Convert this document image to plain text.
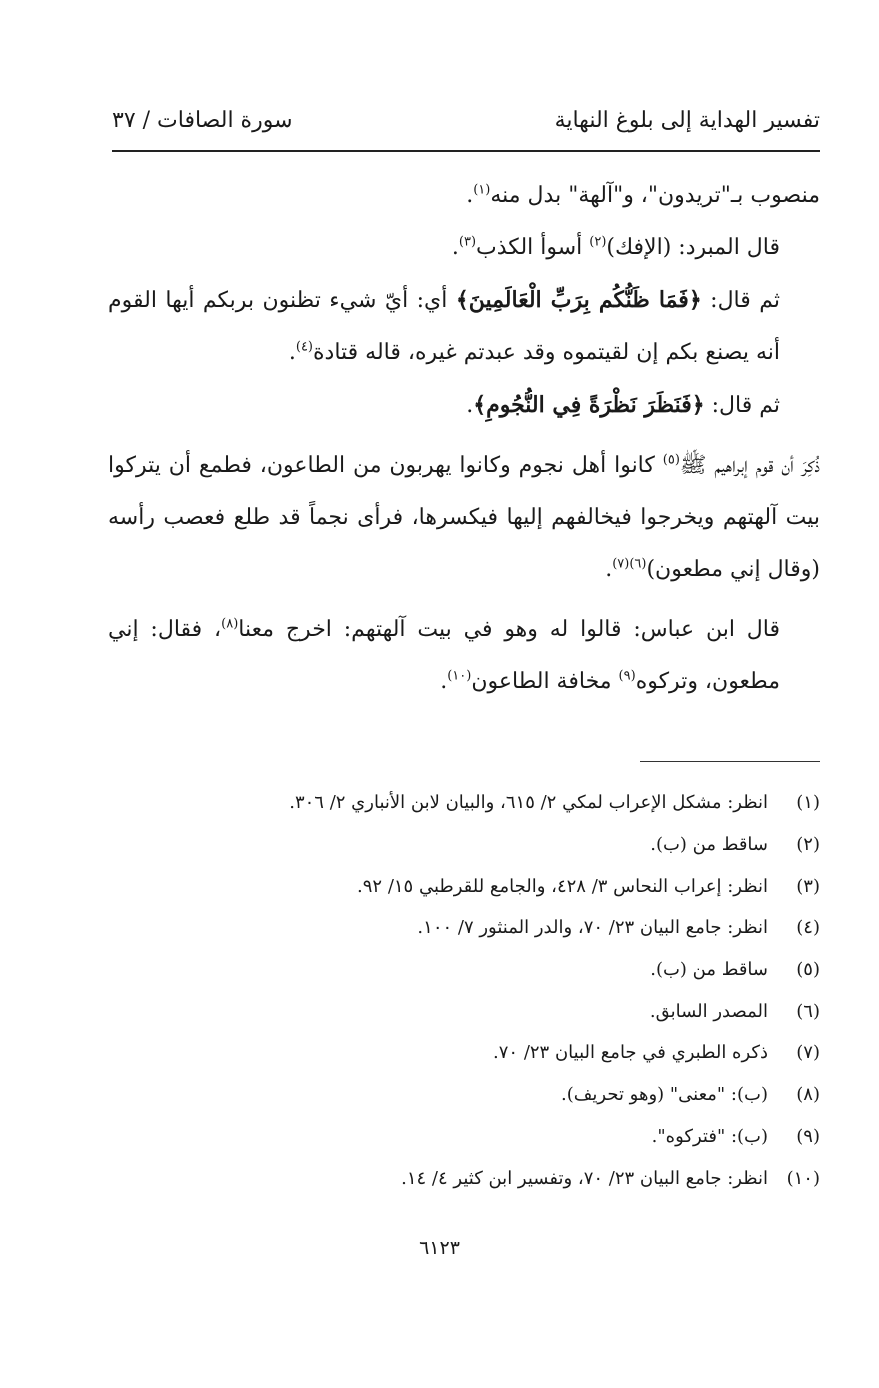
تفسير الهداية إلى بلوغ النهاية
سورة الصافات / ٣٧

منصوب بـ"تريدون"، و"آلهة" بدل منه$^{(١)}$.

قال المبرد: (الإفك)$^{(٢)}$ أسوأ الكذب$^{(٣)}$.

ثم قال: ﴿فَمَا ظَنُّكُم بِرَبِّ الْعَالَمِينَ﴾ أي: أيّ شيء تظنون بربكم أيها القوم أنه يصنع بكم إن لقيتموه وقد عبدتم غيره، قاله قتادة$^{(٤)}$.

ثم قال: ﴿فَنَظَرَ نَظْرَةً فِي النُّجُومِ﴾.

ذُكِرَ أن قوم إبراهيم ﷺ$^{(٥)}$ كانوا أهل نجوم وكانوا يهربون من الطاعون، فطمع أن يتركوا بيت آلهتهم ويخرجوا فيخالفهم إليها فيكسرها، فرأى نجماً قد طلع فعصب رأسه (وقال إني مطعون)$^{(٦)(٧)}$.

قال ابن عباس: قالوا له وهو في بيت آلهتهم: اخرج معنا$^{(٨)}$، فقال: إني مطعون، وتركوه$^{(٩)}$ مخافة الطاعون$^{(١٠)}$.

(١)
انظر: مشكل الإعراب لمكي ٢/ ٦١٥، والبيان لابن الأنباري ٢/ ٣٠٦.
(٢)
ساقط من (ب).
(٣)
انظر: إعراب النحاس ٣/ ٤٢٨، والجامع للقرطبي ١٥/ ٩٢.
(٤)
انظر: جامع البيان ٢٣/ ٧٠، والدر المنثور ٧/ ١٠٠.
(٥)
ساقط من (ب).
(٦)
المصدر السابق.
(٧)
ذكره الطبري في جامع البيان ٢٣/ ٧٠.
(٨)
(ب): "معنى" (وهو تحريف).
(٩)
(ب): "فتركوه".
(١٠)
انظر: جامع البيان ٢٣/ ٧٠، وتفسير ابن كثير ٤/ ١٤.
٦١٢٣
